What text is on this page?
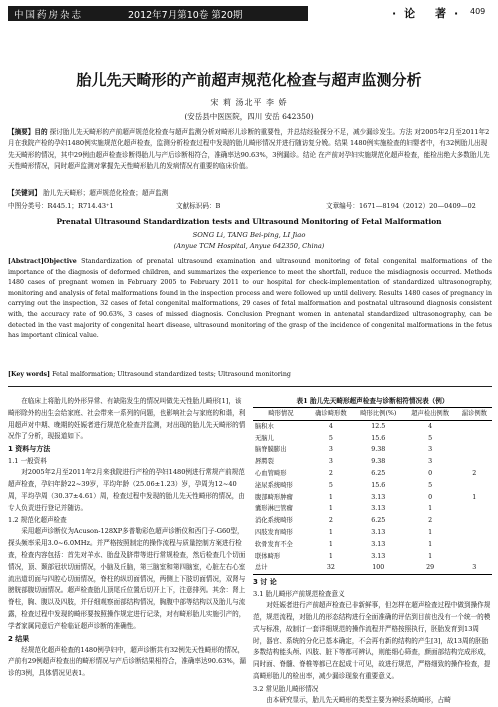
中国药房杂志	2012年7月第10卷 第20期	·论 著· 409
胎儿先天畸形的产前超声规范化检查与超声监测分析
宋 莉 汤北平 李 娇
(安岳县中医医院，四川 安岳 642350)
【摘要】目的 探讨胎儿先天畸形的产前超声规范化检查与超声监测分析对畸形儿诊断的重要性，并总结经验探分不足，减少漏诊发生。方法 对2005年2月至2011年2月在我院产检的孕妇1480例实施规范化超声检查，监测分析检查过程中发现的胎儿畸形情况并进行随访复分娩。结果 1480例实施检查的妇婴者中，有32例胎儿出现先天畸形的情况，其中29例由超声检查诊断得胎儿与产后诊断相符合，准确率达90.63%，3例漏诊。结论 在产前对孕妇实施规范化超声检查，能检出绝大多数胎儿先天性畸形情况，同时超声监测对掌握先天性畸形胎儿的发病情况有重要的临床价值。
【关键词】 胎儿先天畸形；超声规范化检查；超声监测
中图分类号：R445.1；R714.43⁺1	文献标识码：B	文章编号：1671—8194（2012）20—0409—02
Prenatal Ultrasound Standardization tests and Ultrasound Monitoring of Fetal Malformation
SONG Li, TANG Bei-ping, LI Jiao
(Anyue TCM Hospital, Anyue 642350, China)
[Abstract]Objective Standardization of prenatal ultrasound examination and ultrasound monitoring of fetal congenital malformations of the importance of the diagnosis of deformed children, and summarizes the experience to meet the shortfall, reduce the misdiagnosis occurred. Methods 1480 cases of pregnant women in February 2005 to February 2011 to our hospital for check-implementation of standardized ultrasonography, monitoring and analysis of fetal malformations found in the inspection process and were followed up until delivery. Results 1480 cases of pregnancy in carrying out the inspection, 32 cases of fetal congenital malformations, 29 cases of fetal malformation and postnatal ultrasound diagnosis consistent with, the accuracy rate of 90.63%, 3 cases of missed diagnosis. Conclusion Pregnant women in antenatal standardized ultrasonography, can be detected in the vast majority of congenital heart disease, ultrasound monitoring of the grasp of the incidence of congenital malformations in the fetus has important clinical value.
[Key words] Fetal malformation; Ultrasound standardized tests; Ultrasound monitoring

在临床上将胎儿的外形异常、有缺陷发生的情况叫做先天性胎儿畸形[1]，该畸形除外的出生会给家庭、社会带来一系列的问题，也影响社会与家庭的和谐，利用超声对中期、晚期的妊娠者进行规范化检查并监测，对出现的胎儿先天畸形的情况作了分析，现报道如下。

1 资料与方法
1.1 一般资料

对2005年2月至2011年2月来我院进行产检的孕妇1480例进行常规产前规范超声检查，孕妇年龄22~39岁，平均年龄（25.06±1.23）岁，孕周为12~40周，平均孕周（30.37±4.61）周，检查过程中发现的胎儿先天性畸形的情况，由专人负责进行登记并随访。

1.2 规范化超声检查

采用超声诊断仪为Acuson-128XP多普勒彩色超声诊断仪和西门子-G60型，探头频率采用3.0~6.0MHz。并严格按照制定的操作流程与质量控制方案进行检查，检查内容包括：首先对羊水、胎盘及脐带等进行常规检查，然后检查几个切面情况，顶、颞部冠状切面情况，小脑及丘脑，第三脑室和第四脑室，心脏左右心室流出道切面与四腔心切面情况，脊柱的纵切面情况，两侧上下肢切面情况，双肾与膀胱部腹切面情况。超声检查胎儿顶尾丘位置后切开上下，注意排列。其余：肾上脊柱，胸、腹以及四肢，并仔细观察面部结构情况，胸腹中部等结构以及胎儿与流露，检查过程中发现的畸形要按照操作规定进行记录，对有畸形胎儿实施引产的，学者家属同意后产检临证超声诊断的准确性。

2 结果

经规范化超声检查的1480例孕妇中，超声诊断共有32例先天性畸形的情况，产前有29例超声检查出的畸形情况与产后诊断结果相符合，准确率达90.63%，漏诊的3例，具体情况见表1。

表1 胎儿先天畸形超声检查与诊断相符情况表（例）
畸形情况	确诊畸形数	畸形比例(%)	超声检出例数	漏诊例数
脑积水	4	12.5	4	
无脑儿	5	15.6	5	
脑脊膜膨出	3	9.38	3	
唇腭裂	3	9.38	3	
心血管畸形	2	6.25	0	2
泌尿系统畸形	5	15.6	5	
腹部畸形肿瘤	1	3.13	0	1
囊形淋巴管瘤	1	3.13	1	
消化系统畸形	2	6.25	2	
四肢发育畸形	1	3.13	1	
软骨发育不全	1	3.13	1	
联体畸形	1	3.13	1	
总计	32	100	29	3
3 讨 论
3.1 胎儿畸形产前规范检查意义

对妊娠者进行产前超声检查已非新鲜事，但怎样在超声检查过程中做到操作规范，规范流程，对胎儿的形态结构进行全面准确的评估到目前也没有一个统一的模式与标准，故制订一套详细规范的操作流程并严格按照执行，胚胎发育到13周时，器官、系统的分化已基本确定，不会再有新的结构的产生[3]，故13周的胚胎多数结构能头颅、四肢、脏下等都可辨认，则能细心筛查，颜面部结构完成形成，同时面、脊髓、脊椎等都已在起成十可见，故进行规范，严格细致的操作检查，提高畸形胎儿的检出率，减少漏诊现象有重要意义。

3.2 常见胎儿畸形情况

由本研究显示，胎儿先天畸形的类型主要为神经系统畸形，占畸
